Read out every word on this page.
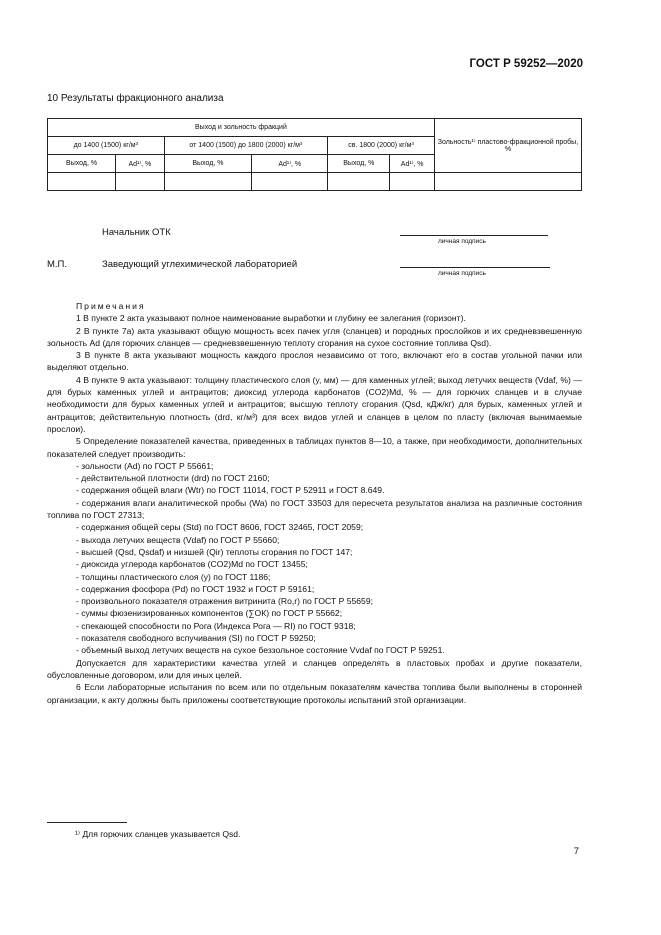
ГОСТ Р 59252—2020
10 Результаты фракционного анализа
Выход и зольность фракций						Зольность¹⁾ пластово-фракционной пробы, %
до 1400 (1500) кг/м³		от 1400 (1500) до 1800 (2000) кг/м³		св. 1800 (2000) кг/м³		
Выход, %	Ad¹⁾, %	Выход, %	Ad¹⁾, %	Выход, %	Ad¹⁾, %	

Начальник ОТК
личная подпись
М.П.	Заведующий углехимической лабораторией
личная подпись

Примечания

1 В пункте 2 акта указывают полное наименование выработки и глубину ее залегания (горизонт).

2 В пункте 7а) акта указывают общую мощность всех пачек угля (сланцев) и породных прослойков и их средневзвешенную зольность Ad (для горючих сланцев — средневзвешенную теплоту сгорания на сухое состояние топлива Qsd).

3 В пункте 8 акта указывают мощность каждого прослоя независимо от того, включают его в состав угольной пачки или выделяют отдельно.

4 В пункте 9 акта указывают: толщину пластического слоя (y, мм) — для каменных углей; выход летучих веществ (Vdaf, %) — для бурых каменных углей и антрацитов; диоксид углерода карбонатов (CO2)Md, % — для горючих сланцев и в случае необходимости для бурых каменных углей и антрацитов; высшую теплоту сгорания (Qsd, кДж/кг) для бурых, каменных углей и антрацитов; действительную плотность (drd, кг/м³) для всех видов углей и сланцев в целом по пласту (включая вынимаемые прослои).

5 Определение показателей качества, приведенных в таблицах пунктов 8—10, а также, при необходимости, дополнительных показателей следует производить:

- зольности (Ad) по ГОСТ Р 55661;

- действительной плотности (drd) по ГОСТ 2160;

- содержания общей влаги (Wtr) по ГОСТ 11014, ГОСТ Р 52911 и ГОСТ 8.649.

- содержания влаги аналитической пробы (Wa) по ГОСТ 33503 для пересчета результатов анализа на различные состояния топлива по ГОСТ 27313;

- содержания общей серы (Std) по ГОСТ 8606, ГОСТ 32465, ГОСТ 2059;

- выхода летучих веществ (Vdaf) по ГОСТ Р 55660;

- высшей (Qsd, Qsdaf) и низшей (Qir) теплоты сгорания по ГОСТ 147;

- диоксида углерода карбонатов (CO2)Md по ГОСТ 13455;

- толщины пластического слоя (y) по ГОСТ 1186;

- содержания фосфора (Pd) по ГОСТ 1932 и ГОСТ Р 59161;

- произвольного показателя отражения витринита (Ro,r) по ГОСТ Р 55659;

- суммы фюзенизированных компонентов (∑ОК) по ГОСТ Р 55662;

- спекающей способности по Рога (Индекса Рога — RI) по ГОСТ 9318;

- показателя свободного вспучивания (SI) по ГОСТ Р 59250;

- объемный выход летучих веществ на сухое беззольное состояние Vvdaf по ГОСТ Р 59251.

Допускается для характеристики качества углей и сланцев определять в пластовых пробах и другие показатели, обусловленные договором, или для иных целей.

6 Если лабораторные испытания по всем или по отдельным показателям качества топлива были выполнены в сторонней организации, к акту должны быть приложены соответствующие протоколы испытаний этой организации.

¹⁾ Для горючих сланцев указывается Qsd.
7
